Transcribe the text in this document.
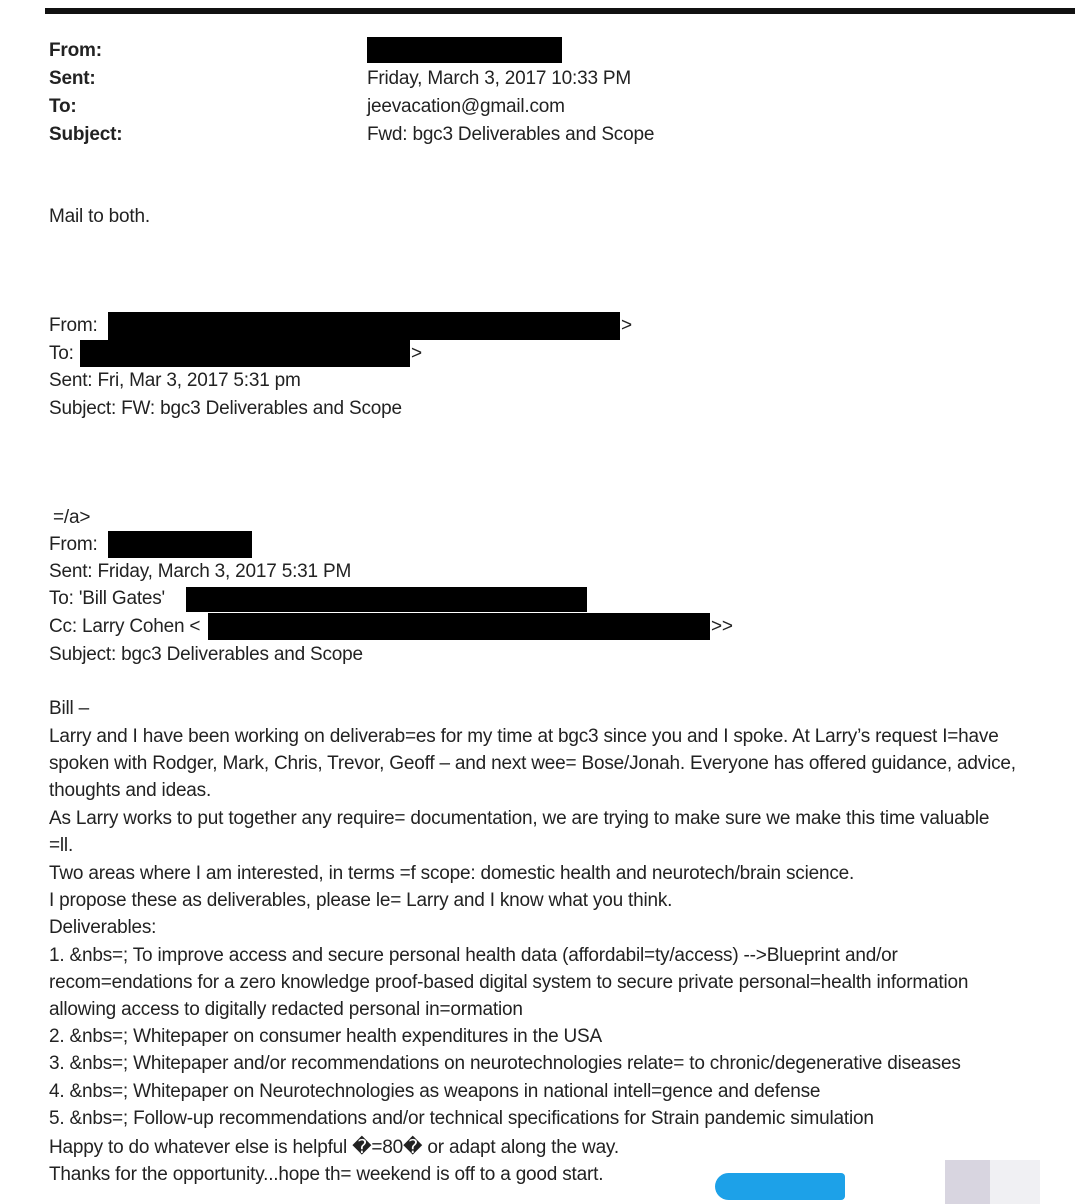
From:
Sent:	Friday, March 3, 2017 10:33 PM
To:	jeevacation@gmail.com
Subject:	Fwd: bgc3 Deliverables and Scope
Mail to both.
From:	>
To:	>
Sent: Fri, Mar 3, 2017 5:31 pm
Subject: FW: bgc3 Deliverables and Scope
=/a>
From:
Sent: Friday, March 3, 2017 5:31 PM
To: 'Bill Gates'
Cc: Larry Cohen <	>>
Subject: bgc3 Deliverables and Scope
Bill –
Larry and I have been working on deliverab=es for my time at bgc3 since you and I spoke. At Larry’s request I=have
spoken with Rodger, Mark, Chris, Trevor, Geoff – and next wee= Bose/Jonah. Everyone has offered guidance, advice,
thoughts and ideas.
As Larry works to put together any require= documentation, we are trying to make sure we make this time valuable
=ll.
Two areas where I am interested, in terms =f scope: domestic health and neurotech/brain science.
I propose these as deliverables, please le= Larry and I know what you think.
Deliverables:
1. &nbs=; To improve access and secure personal health data (affordabil=ty/access) -->Blueprint and/or
recom=endations for a zero knowledge proof-based digital system to secure private personal=health information
allowing access to digitally redacted personal in=ormation
2. &nbs=; Whitepaper on consumer health expenditures in the USA
3. &nbs=; Whitepaper and/or recommendations on neurotechnologies relate= to chronic/degenerative diseases
4. &nbs=; Whitepaper on Neurotechnologies as weapons in national intell=gence and defense
5. &nbs=; Follow-up recommendations and/or technical specifications for Strain pandemic simulation
Happy to do whatever else is helpful �=80� or adapt along the way.
Thanks for the opportunity...hope th= weekend is off to a good start.
